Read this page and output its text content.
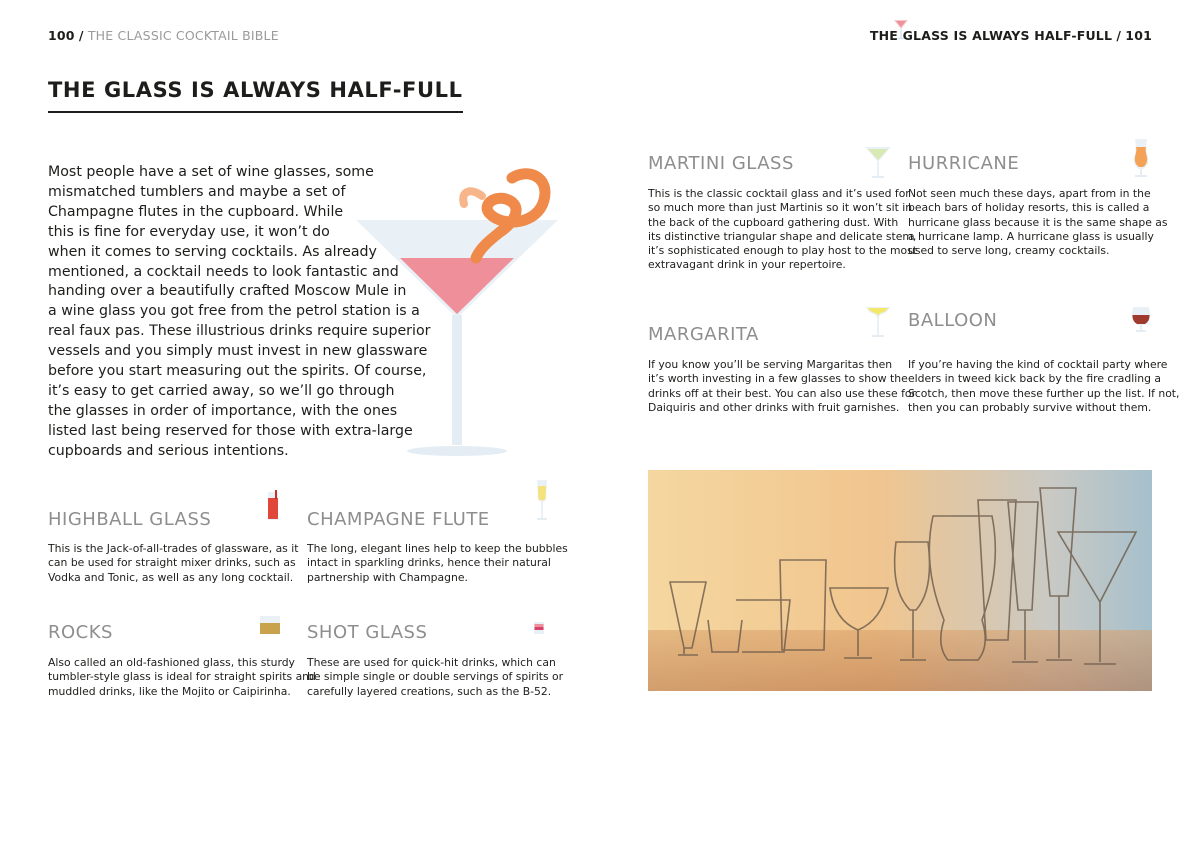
100 / THE CLASSIC COCKTAIL BIBLE	THE GLASS IS ALWAYS HALF-FULL / 101
THE GLASS IS ALWAYS HALF-FULL

Most people have a set of wine glasses, some
mismatched tumblers and maybe a set of
Champagne flutes in the cupboard. While
this is fine for everyday use, it won’t do
when it comes to serving cocktails. As already
mentioned, a cocktail needs to look fantastic and
handing over a beautifully crafted Moscow Mule in
a wine glass you got free from the petrol station is a
real faux pas. These illustrious drinks require superior
vessels and you simply must invest in new glassware
before you start measuring out the spirits. Of course,
it’s easy to get carried away, so we’ll go through
the glasses in order of importance, with the ones
listed last being reserved for those with extra-large
cupboards and serious intentions.

HIGHBALL GLASS

This is the Jack-of-all-trades of glassware, as it
can be used for straight mixer drinks, such as
Vodka and Tonic, as well as any long cocktail.

CHAMPAGNE FLUTE

The long, elegant lines help to keep the bubbles
intact in sparkling drinks, hence their natural
partnership with Champagne.

ROCKS

Also called an old-fashioned glass, this sturdy
tumbler-style glass is ideal for straight spirits and
muddled drinks, like the Mojito or Caipirinha.

SHOT GLASS

These are used for quick-hit drinks, which can
be simple single or double servings of spirits or
carefully layered creations, such as the B-52.

MARTINI GLASS

This is the classic cocktail glass and it’s used for
so much more than just Martinis so it won’t sit in
the back of the cupboard gathering dust. With
its distinctive triangular shape and delicate stem,
it’s sophisticated enough to play host to the most
extravagant drink in your repertoire.

HURRICANE

Not seen much these days, apart from in the
beach bars of holiday resorts, this is called a
hurricane glass because it is the same shape as
a hurricane lamp. A hurricane glass is usually
used to serve long, creamy cocktails.

MARGARITA

If you know you’ll be serving Margaritas then
it’s worth investing in a few glasses to show the
drinks off at their best. You can also use these for
Daiquiris and other drinks with fruit garnishes.

BALLOON

If you’re having the kind of cocktail party where
elders in tweed kick back by the fire cradling a
Scotch, then move these further up the list. If not,
then you can probably survive without them.
